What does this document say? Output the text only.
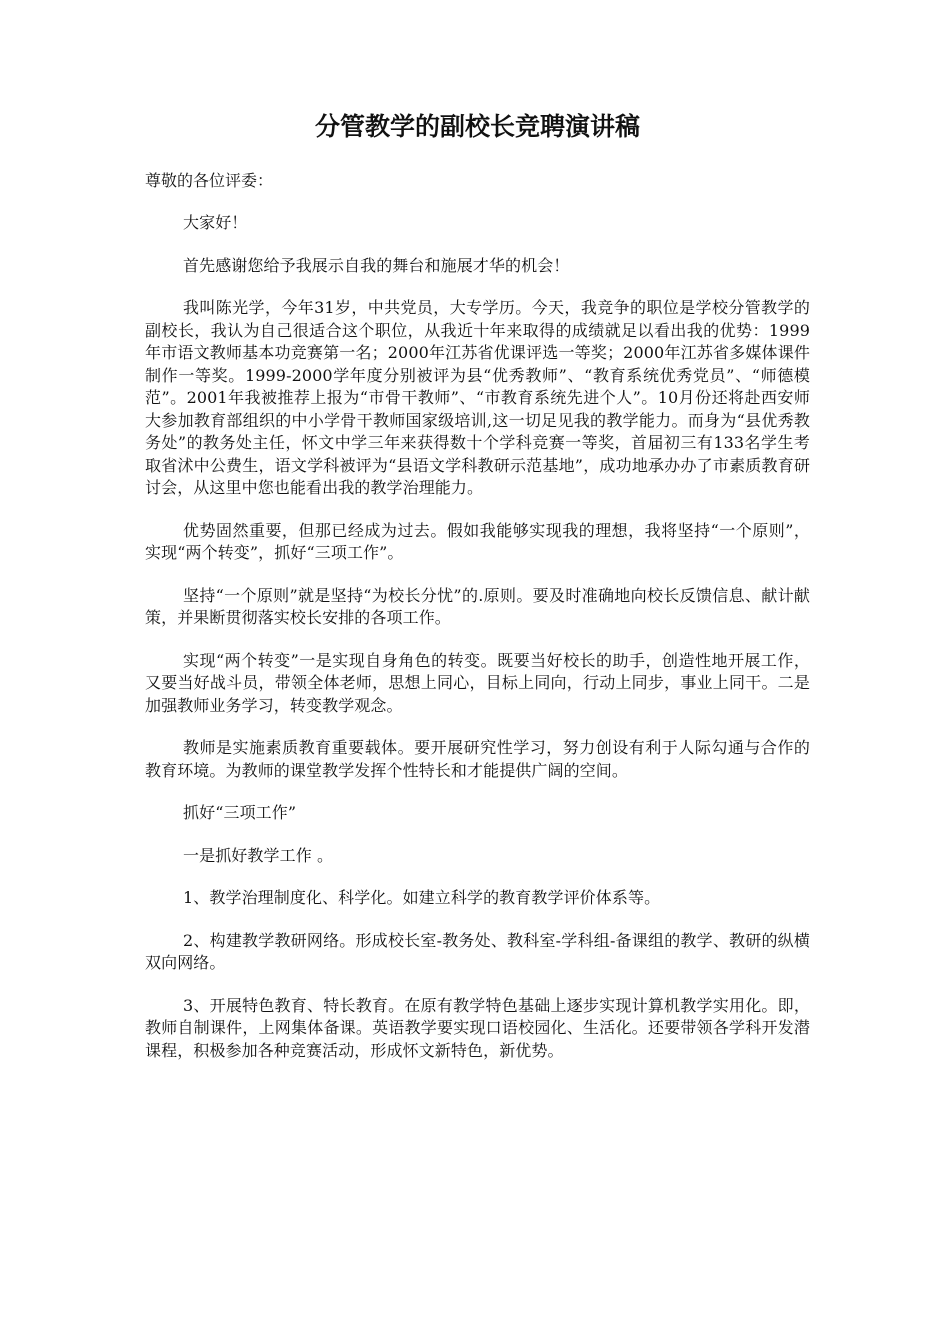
分管教学的副校长竞聘演讲稿

尊敬的各位评委：

大家好！

首先感谢您给予我展示自我的舞台和施展才华的机会！

我叫陈光学，今年31岁，中共党员，大专学历。今天，我竞争的职位是学校分管教学的副校长，我认为自己很适合这个职位，从我近十年来取得的成绩就足以看出我的优势：1999年市语文教师基本功竞赛第一名；2000年江苏省优课评选一等奖；2000年江苏省多媒体课件制作一等奖。1999-2000学年度分别被评为县“优秀教师”、“教育系统优秀党员”、“师德模范”。2001年我被推荐上报为“市骨干教师”、“市教育系统先进个人”。10月份还将赴西安师大参加教育部组织的中小学骨干教师国家级培训,这一切足见我的教学能力。而身为“县优秀教务处”的教务处主任，怀文中学三年来获得数十个学科竞赛一等奖，首届初三有133名学生考取省沭中公费生，语文学科被评为“县语文学科教研示范基地”，成功地承办办了市素质教育研讨会，从这里中您也能看出我的教学治理能力。

优势固然重要，但那已经成为过去。假如我能够实现我的理想，我将坚持“一个原则”，实现“两个转变”，抓好“三项工作”。

坚持“一个原则”就是坚持“为校长分忧”的.原则。要及时准确地向校长反馈信息、献计献策，并果断贯彻落实校长安排的各项工作。

实现“两个转变”一是实现自身角色的转变。既要当好校长的助手，创造性地开展工作，又要当好战斗员，带领全体老师，思想上同心，目标上同向，行动上同步，事业上同干。二是加强教师业务学习，转变教学观念。

教师是实施素质教育重要载体。要开展研究性学习，努力创设有利于人际勾通与合作的教育环境。为教师的课堂教学发挥个性特长和才能提供广阔的空间。

抓好“三项工作”

一是抓好教学工作 。

1、教学治理制度化、科学化。如建立科学的教育教学评价体系等。

2、构建教学教研网络。形成校长室-教务处、教科室-学科组-备课组的教学、教研的纵横双向网络。

3、开展特色教育、特长教育。在原有教学特色基础上逐步实现计算机教学实用化。即，教师自制课件，上网集体备课。英语教学要实现口语校园化、生活化。还要带领各学科开发潜课程，积极参加各种竞赛活动，形成怀文新特色，新优势。
